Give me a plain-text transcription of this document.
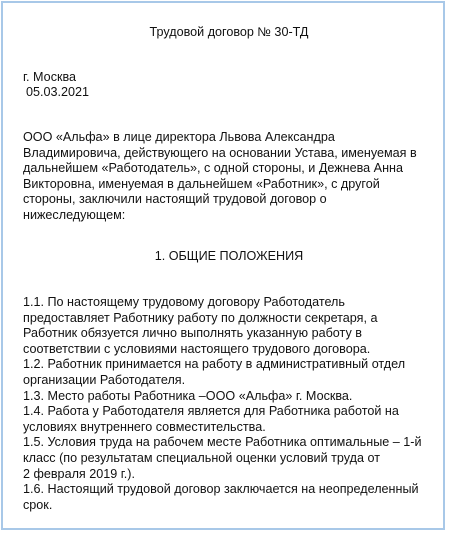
Трудовой договор № 30-ТД
г. Москва
05.03.2021
ООО «Альфа» в лице директора Львова Александра
Владимировича, действующего на основании Устава, именуемая в
дальнейшем «Работодатель», с одной стороны, и Дежнева Анна
Викторовна, именуемая в дальнейшем «Работник», с другой
стороны, заключили настоящий трудовой договор о
нижеследующем:
1. ОБЩИЕ ПОЛОЖЕНИЯ
1.1. По настоящему трудовому договору Работодатель
предоставляет Работнику работу по должности секретаря, а
Работник обязуется лично выполнять указанную работу в
соответствии с условиями настоящего трудового договора.
1.2. Работник принимается на работу в административный отдел
организации Работодателя.
1.3. Место работы Работника –ООО «Альфа» г. Москва.
1.4. Работа у Работодателя является для Работника работой на
условиях внутреннего совместительства.
1.5. Условия труда на рабочем месте Работника оптимальные – 1-й
класс (по результатам специальной оценки условий труда от
2 февраля 2019 г.).
1.6. Настоящий трудовой договор заключается на неопределенный
срок.
